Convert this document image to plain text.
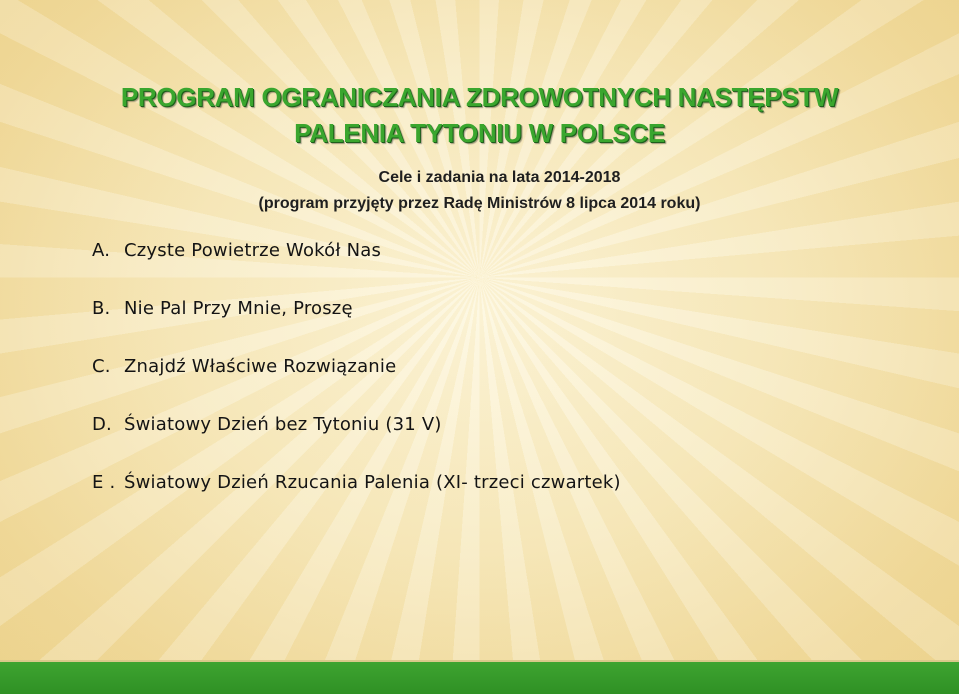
PROGRAM OGRANICZANIA ZDROWOTNYCH NASTĘPSTW
PALENIA TYTONIU W POLSCE

Cele i zadania na lata 2014-2018

(program przyjęty przez Radę Ministrów 8 lipca 2014 roku)

A. Czyste Powietrze Wokół Nas
B. Nie Pal Przy Mnie, Proszę
C. Znajdź Właściwe Rozwiązanie
D. Światowy Dzień bez Tytoniu (31 V)
E . Światowy Dzień Rzucania Palenia (XI- trzeci czwartek)
